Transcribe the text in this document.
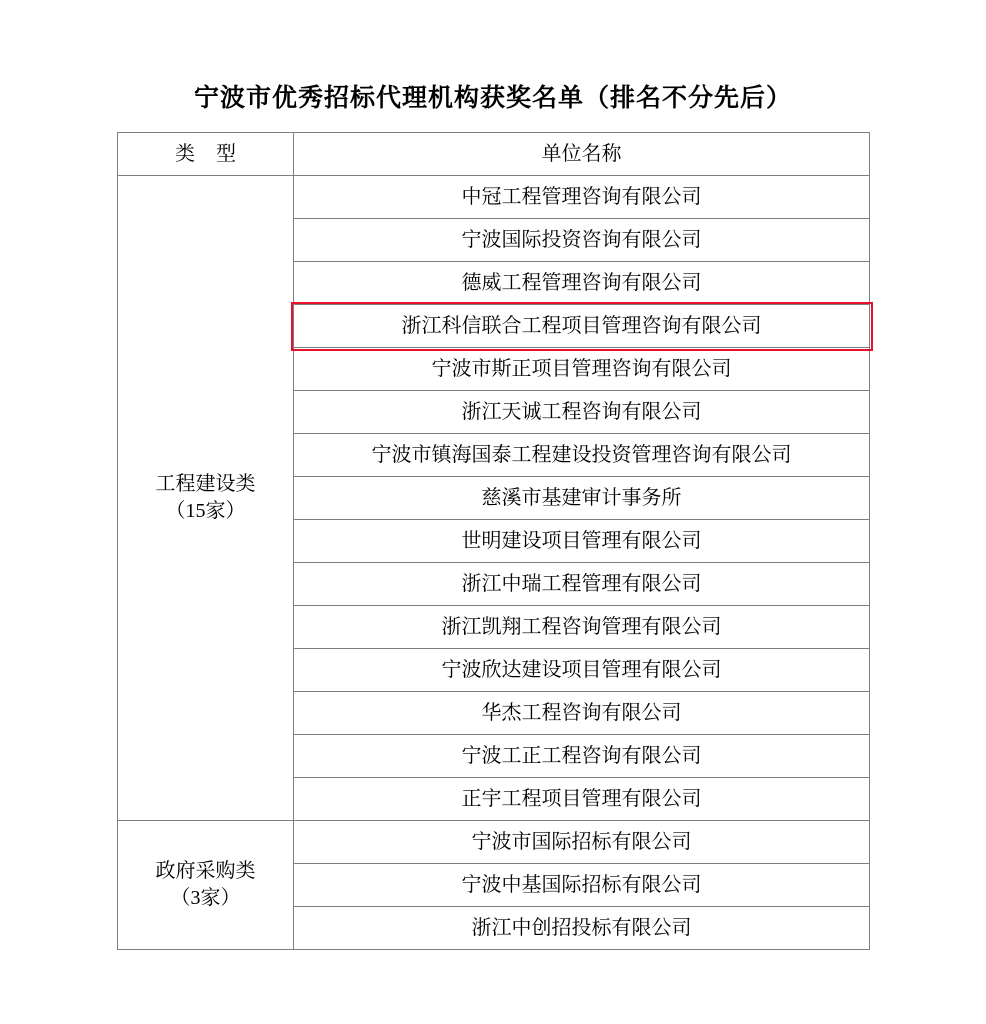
宁波市优秀招标代理机构获奖名单（排名不分先后）
类 型	单位名称

工程建设类
（15家）	中冠工程管理咨询有限公司
	宁波国际投资咨询有限公司
	德威工程管理咨询有限公司
	浙江科信联合工程项目管理咨询有限公司
	宁波市斯正项目管理咨询有限公司
	浙江天诚工程咨询有限公司
	宁波市镇海国泰工程建设投资管理咨询有限公司
	慈溪市基建审计事务所
	世明建设项目管理有限公司
	浙江中瑞工程管理有限公司
	浙江凯翔工程咨询管理有限公司
	宁波欣达建设项目管理有限公司
	华杰工程咨询有限公司
	宁波工正工程咨询有限公司
	正宇工程项目管理有限公司

政府采购类
（3家）	宁波市国际招标有限公司
	宁波中基国际招标有限公司
	浙江中创招投标有限公司
